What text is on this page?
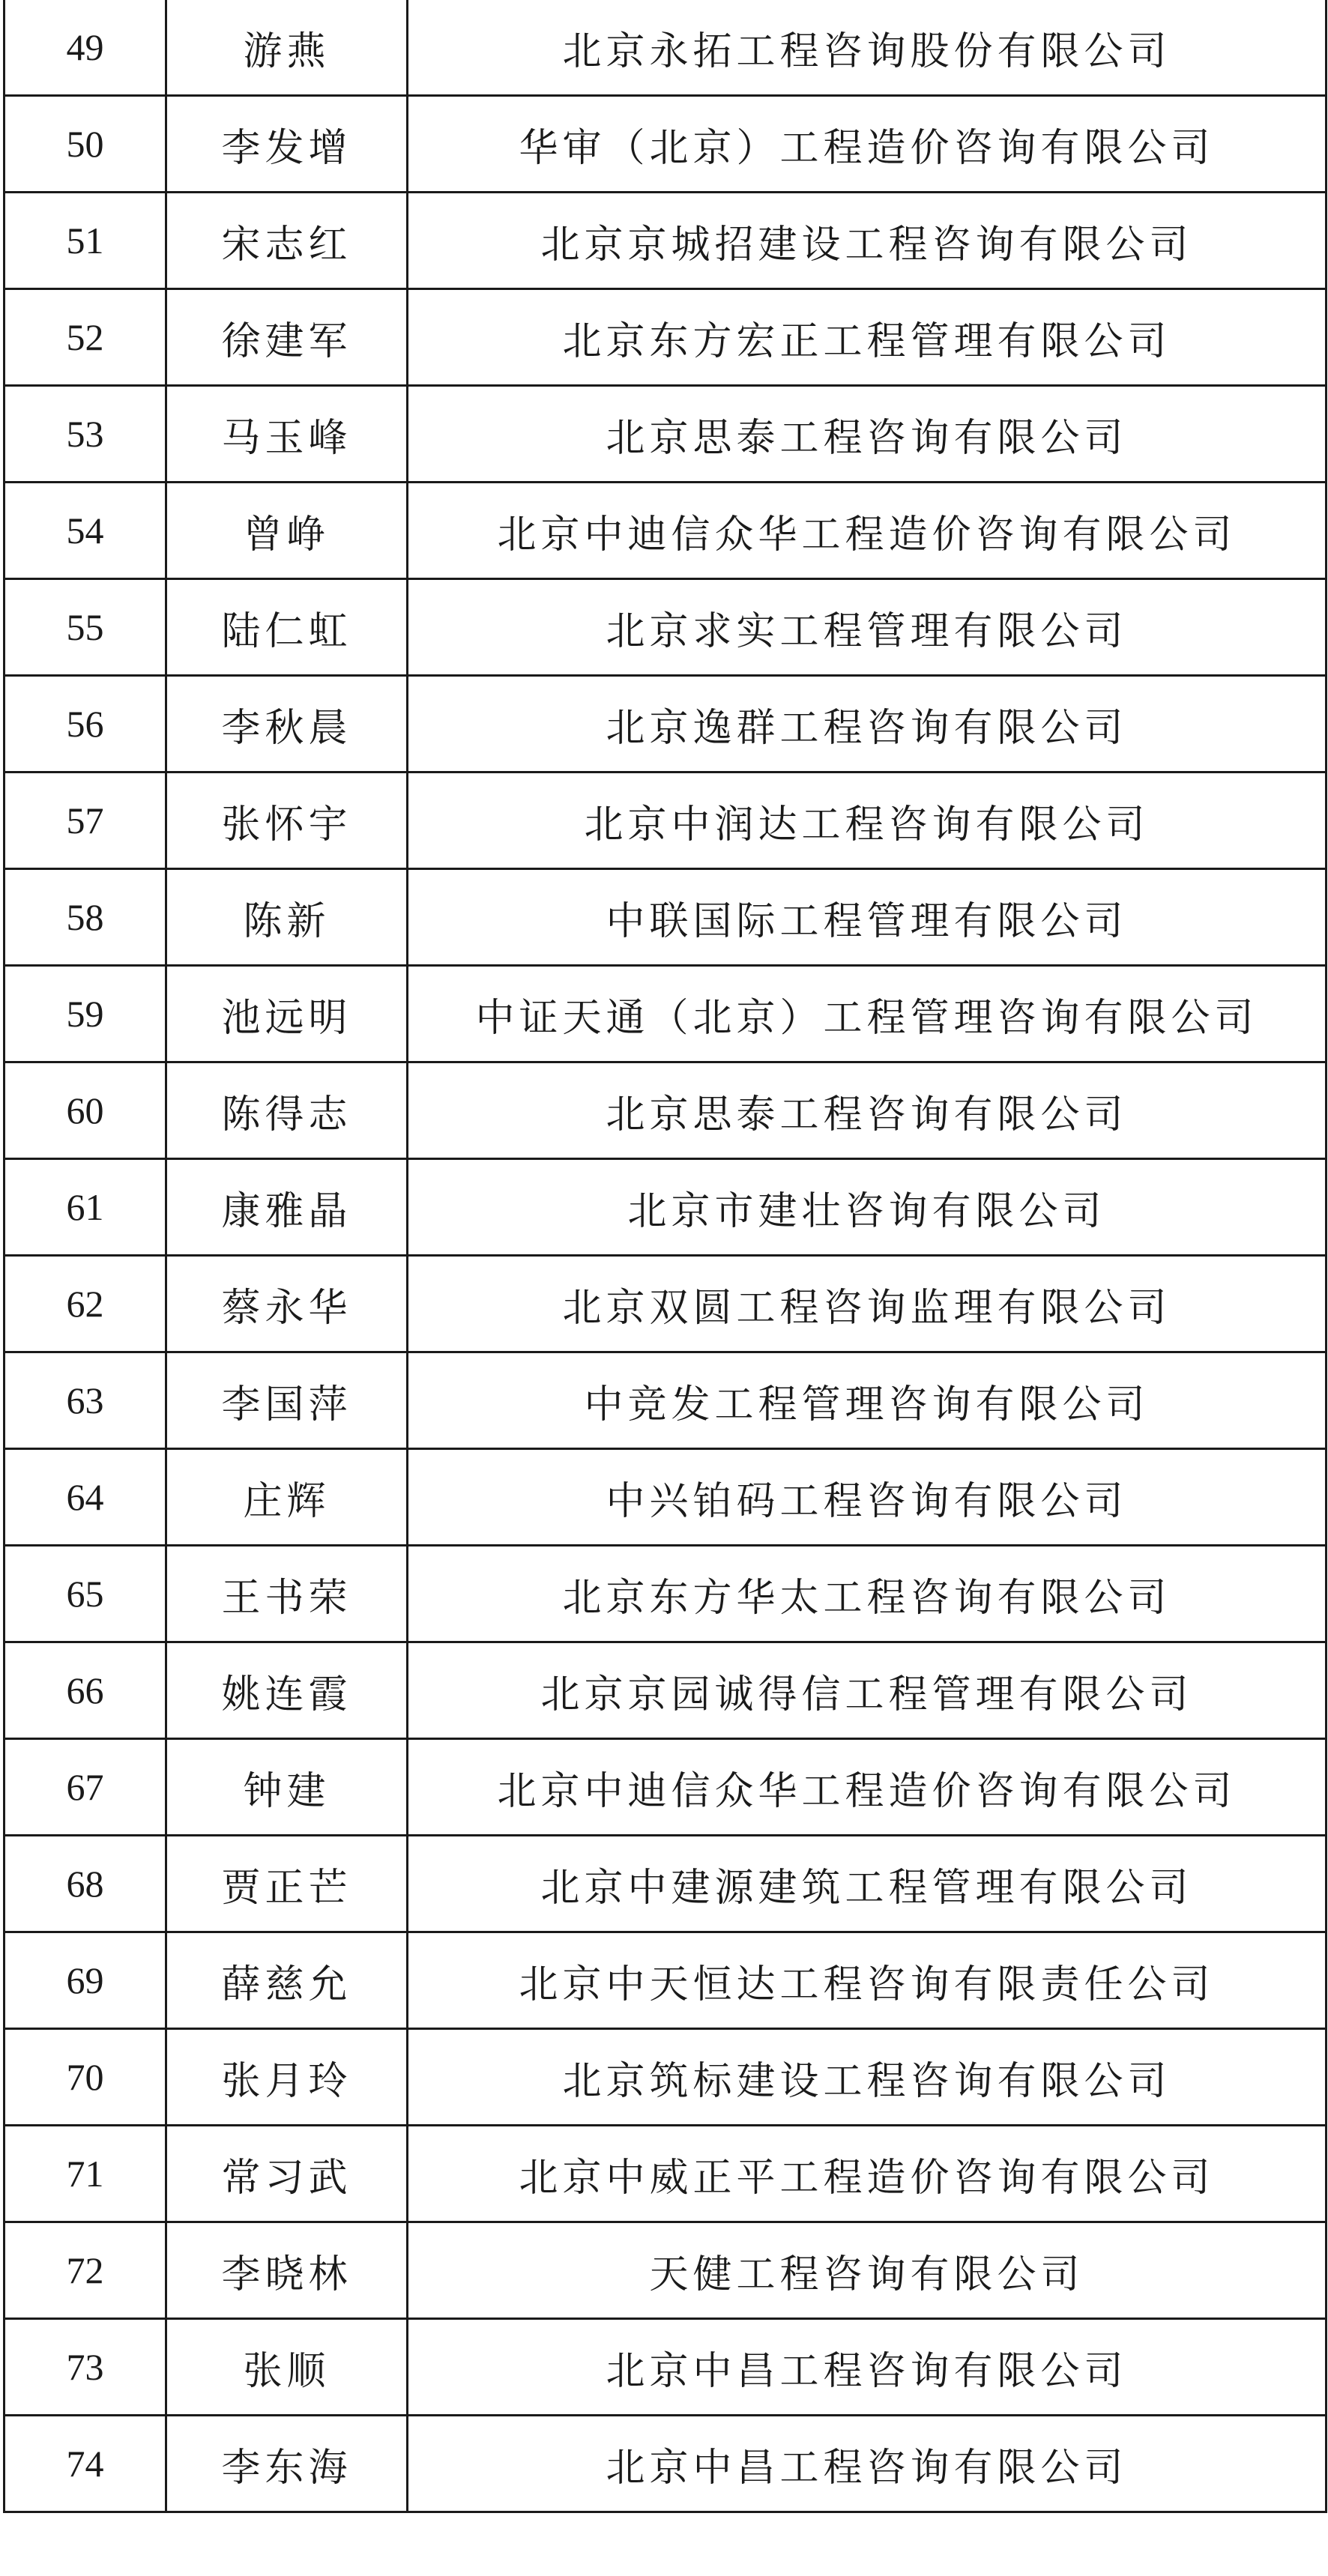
49	游燕	北京永拓工程咨询股份有限公司
50	李发增	华审（北京）工程造价咨询有限公司
51	宋志红	北京京城招建设工程咨询有限公司
52	徐建军	北京东方宏正工程管理有限公司
53	马玉峰	北京思泰工程咨询有限公司
54	曾峥	北京中迪信众华工程造价咨询有限公司
55	陆仁虹	北京求实工程管理有限公司
56	李秋晨	北京逸群工程咨询有限公司
57	张怀宇	北京中润达工程咨询有限公司
58	陈新	中联国际工程管理有限公司
59	池远明	中证天通（北京）工程管理咨询有限公司
60	陈得志	北京思泰工程咨询有限公司
61	康雅晶	北京市建壮咨询有限公司
62	蔡永华	北京双圆工程咨询监理有限公司
63	李国萍	中竞发工程管理咨询有限公司
64	庄辉	中兴铂码工程咨询有限公司
65	王书荣	北京东方华太工程咨询有限公司
66	姚连霞	北京京园诚得信工程管理有限公司
67	钟建	北京中迪信众华工程造价咨询有限公司
68	贾正芒	北京中建源建筑工程管理有限公司
69	薛慈允	北京中天恒达工程咨询有限责任公司
70	张月玲	北京筑标建设工程咨询有限公司
71	常习武	北京中威正平工程造价咨询有限公司
72	李晓林	天健工程咨询有限公司
73	张顺	北京中昌工程咨询有限公司
74	李东海	北京中昌工程咨询有限公司
